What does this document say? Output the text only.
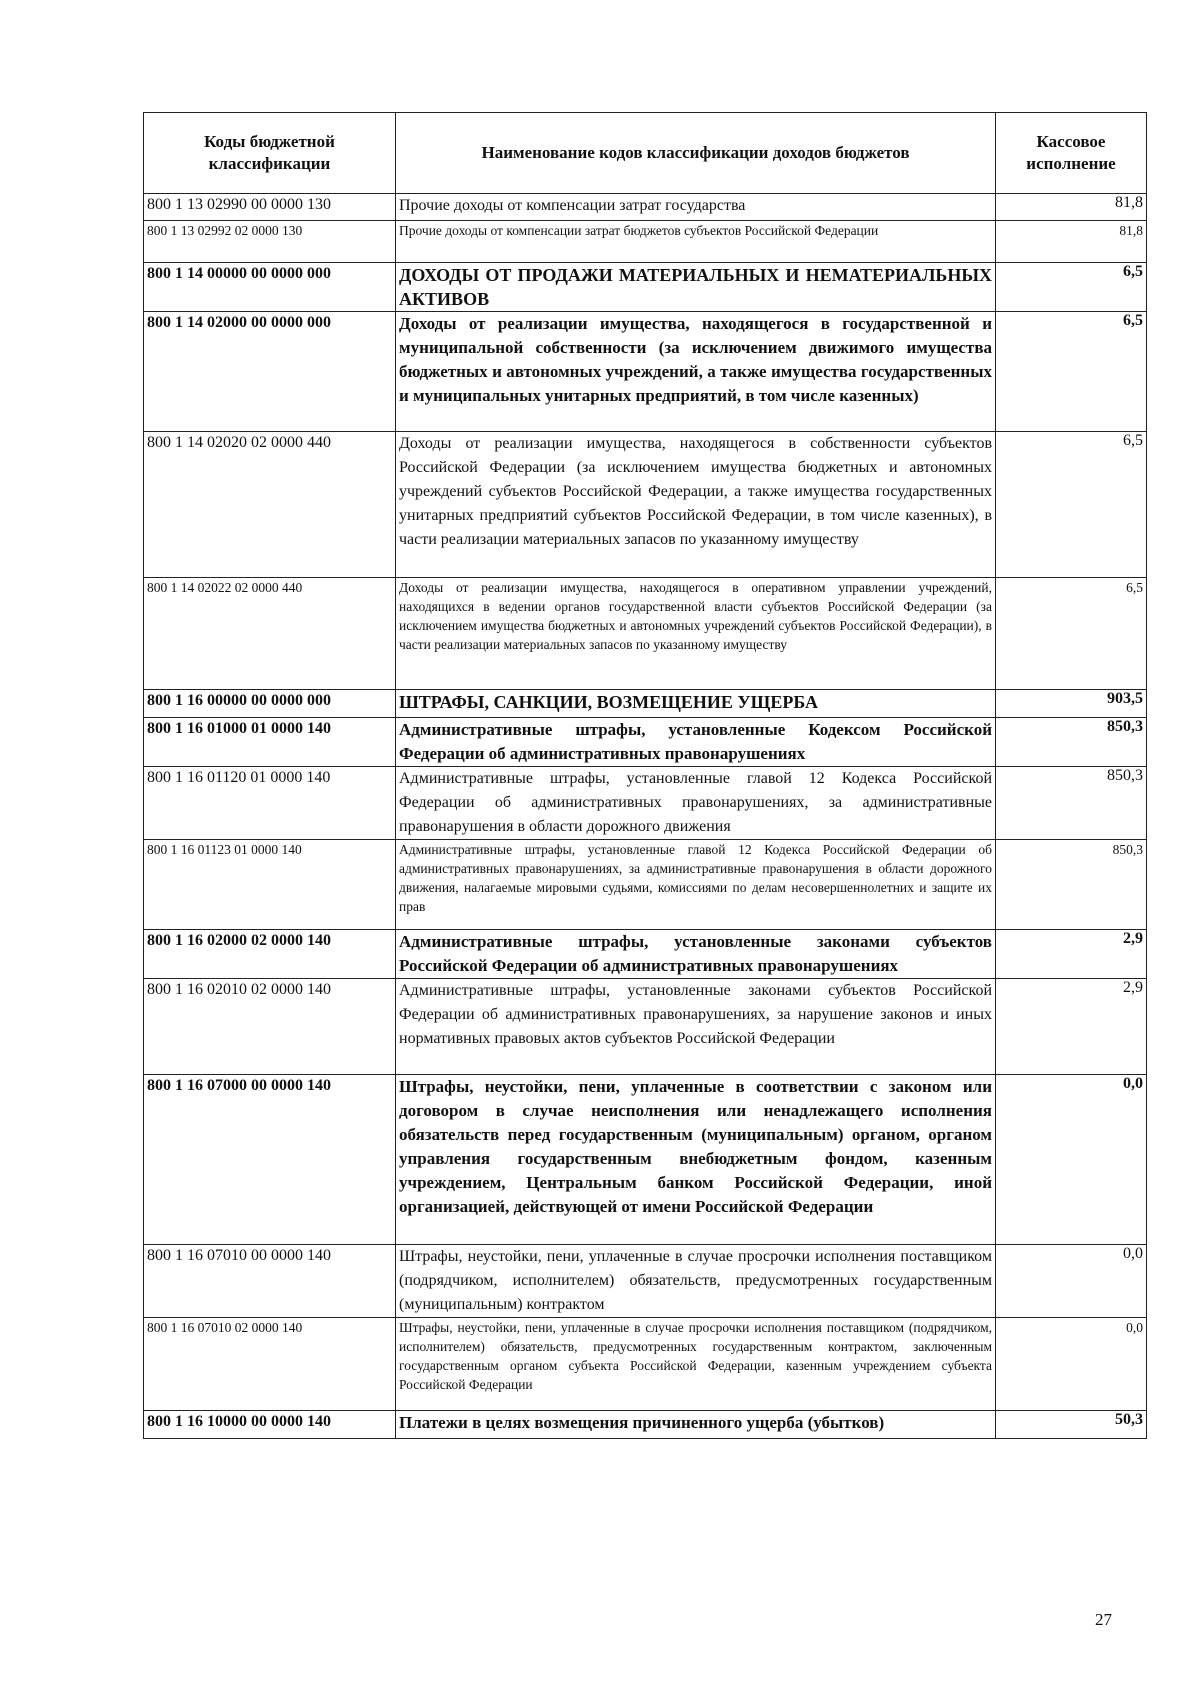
Коды бюджетной классификации	Наименование кодов классификации доходов бюджетов	Кассовое исполнение
800 1 13 02990 00 0000 130	Прочие доходы от компенсации затрат государства	81,8
800 1 13 02992 02 0000 130	Прочие доходы от компенсации затрат бюджетов субъектов Российской Федерации	81,8
800 1 14 00000 00 0000 000	ДОХОДЫ ОТ ПРОДАЖИ МАТЕРИАЛЬНЫХ И НЕМАТЕРИАЛЬНЫХ АКТИВОВ	6,5
800 1 14 02000 00 0000 000	Доходы от реализации имущества, находящегося в государственной и муниципальной собственности (за исключением движимого имущества бюджетных и автономных учреждений, а также имущества государственных и муниципальных унитарных предприятий, в том числе казенных)	6,5
800 1 14 02020 02 0000 440	Доходы от реализации имущества, находящегося в собственности субъектов Российской Федерации (за исключением имущества бюджетных и автономных учреждений субъектов Российской Федерации, а также имущества государственных унитарных предприятий субъектов Российской Федерации, в том числе казенных), в части реализации материальных запасов по указанному имуществу	6,5
800 1 14 02022 02 0000 440	Доходы от реализации имущества, находящегося в оперативном управлении учреждений, находящихся в ведении органов государственной власти субъектов Российской Федерации (за исключением имущества бюджетных и автономных учреждений субъектов Российской Федерации), в части реализации материальных запасов по указанному имуществу	6,5
800 1 16 00000 00 0000 000	ШТРАФЫ, САНКЦИИ, ВОЗМЕЩЕНИЕ УЩЕРБА	903,5
800 1 16 01000 01 0000 140	Административные штрафы, установленные Кодексом Российской Федерации об административных правонарушениях	850,3
800 1 16 01120 01 0000 140	Административные штрафы, установленные главой 12 Кодекса Российской Федерации об административных правонарушениях, за административные правонарушения в области дорожного движения	850,3
800 1 16 01123 01 0000 140	Административные штрафы, установленные главой 12 Кодекса Российской Федерации об административных правонарушениях, за административные правонарушения в области дорожного движения, налагаемые мировыми судьями, комиссиями по делам несовершеннолетних и защите их прав	850,3
800 1 16 02000 02 0000 140	Административные штрафы, установленные законами субъектов Российской Федерации об административных правонарушениях	2,9
800 1 16 02010 02 0000 140	Административные штрафы, установленные законами субъектов Российской Федерации об административных правонарушениях, за нарушение законов и иных нормативных правовых актов субъектов Российской Федерации	2,9
800 1 16 07000 00 0000 140	Штрафы, неустойки, пени, уплаченные в соответствии с законом или договором в случае неисполнения или ненадлежащего исполнения обязательств перед государственным (муниципальным) органом, органом управления государственным внебюджетным фондом, казенным учреждением, Центральным банком Российской Федерации, иной организацией, действующей от имени Российской Федерации	0,0
800 1 16 07010 00 0000 140	Штрафы, неустойки, пени, уплаченные в случае просрочки исполнения поставщиком (подрядчиком, исполнителем) обязательств, предусмотренных государственным (муниципальным) контрактом	0,0
800 1 16 07010 02 0000 140	Штрафы, неустойки, пени, уплаченные в случае просрочки исполнения поставщиком (подрядчиком, исполнителем) обязательств, предусмотренных государственным контрактом, заключенным государственным органом субъекта Российской Федерации, казенным учреждением субъекта Российской Федерации	0,0
800 1 16 10000 00 0000 140	Платежи в целях возмещения причиненного ущерба (убытков)	50,3
27
